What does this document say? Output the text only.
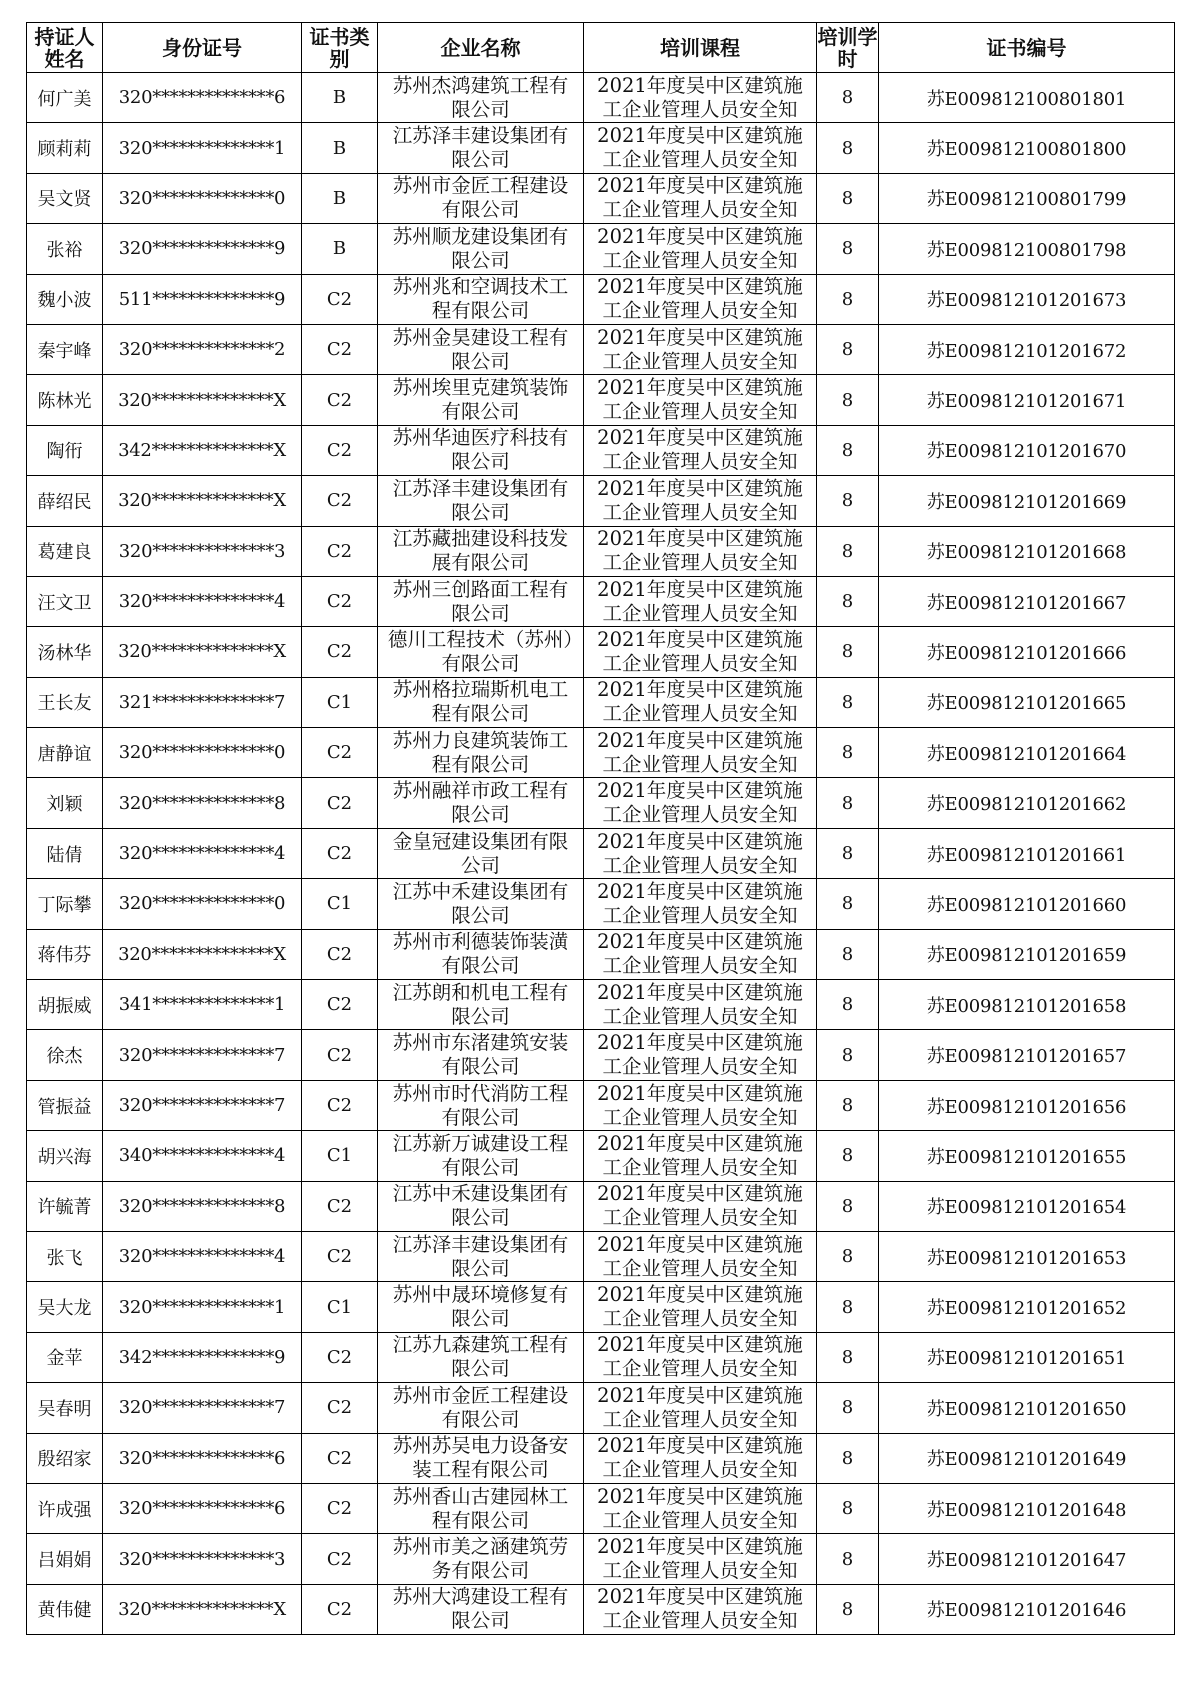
持证人姓名	身份证号	证书类别	企业名称	培训课程	培训学时	证书编号
何广美	320**************6	B	苏州杰鸿建筑工程有限公司	2021年度吴中区建筑施工企业管理人员安全知	8	苏E009812100801801
顾莉莉	320**************1	B	江苏泽丰建设集团有限公司	2021年度吴中区建筑施工企业管理人员安全知	8	苏E009812100801800
吴文贤	320**************0	B	苏州市金匠工程建设有限公司	2021年度吴中区建筑施工企业管理人员安全知	8	苏E009812100801799
张裕	320**************9	B	苏州顺龙建设集团有限公司	2021年度吴中区建筑施工企业管理人员安全知	8	苏E009812100801798
魏小波	511**************9	C2	苏州兆和空调技术工程有限公司	2021年度吴中区建筑施工企业管理人员安全知	8	苏E009812101201673
秦宇峰	320**************2	C2	苏州金昊建设工程有限公司	2021年度吴中区建筑施工企业管理人员安全知	8	苏E009812101201672
陈林光	320**************X	C2	苏州埃里克建筑装饰有限公司	2021年度吴中区建筑施工企业管理人员安全知	8	苏E009812101201671
陶衎	342**************X	C2	苏州华迪医疗科技有限公司	2021年度吴中区建筑施工企业管理人员安全知	8	苏E009812101201670
薛绍民	320**************X	C2	江苏泽丰建设集团有限公司	2021年度吴中区建筑施工企业管理人员安全知	8	苏E009812101201669
葛建良	320**************3	C2	江苏藏拙建设科技发展有限公司	2021年度吴中区建筑施工企业管理人员安全知	8	苏E009812101201668
汪文卫	320**************4	C2	苏州三创路面工程有限公司	2021年度吴中区建筑施工企业管理人员安全知	8	苏E009812101201667
汤林华	320**************X	C2	德川工程技术（苏州）有限公司	2021年度吴中区建筑施工企业管理人员安全知	8	苏E009812101201666
王长友	321**************7	C1	苏州格拉瑞斯机电工程有限公司	2021年度吴中区建筑施工企业管理人员安全知	8	苏E009812101201665
唐静谊	320**************0	C2	苏州力良建筑装饰工程有限公司	2021年度吴中区建筑施工企业管理人员安全知	8	苏E009812101201664
刘颖	320**************8	C2	苏州融祥市政工程有限公司	2021年度吴中区建筑施工企业管理人员安全知	8	苏E009812101201662
陆倩	320**************4	C2	金皇冠建设集团有限公司	2021年度吴中区建筑施工企业管理人员安全知	8	苏E009812101201661
丁际攀	320**************0	C1	江苏中禾建设集团有限公司	2021年度吴中区建筑施工企业管理人员安全知	8	苏E009812101201660
蒋伟芬	320**************X	C2	苏州市利德装饰装潢有限公司	2021年度吴中区建筑施工企业管理人员安全知	8	苏E009812101201659
胡振威	341**************1	C2	江苏朗和机电工程有限公司	2021年度吴中区建筑施工企业管理人员安全知	8	苏E009812101201658
徐杰	320**************7	C2	苏州市东渚建筑安装有限公司	2021年度吴中区建筑施工企业管理人员安全知	8	苏E009812101201657
管振益	320**************7	C2	苏州市时代消防工程有限公司	2021年度吴中区建筑施工企业管理人员安全知	8	苏E009812101201656
胡兴海	340**************4	C1	江苏新万诚建设工程有限公司	2021年度吴中区建筑施工企业管理人员安全知	8	苏E009812101201655
许毓菁	320**************8	C2	江苏中禾建设集团有限公司	2021年度吴中区建筑施工企业管理人员安全知	8	苏E009812101201654
张飞	320**************4	C2	江苏泽丰建设集团有限公司	2021年度吴中区建筑施工企业管理人员安全知	8	苏E009812101201653
吴大龙	320**************1	C1	苏州中晟环境修复有限公司	2021年度吴中区建筑施工企业管理人员安全知	8	苏E009812101201652
金苹	342**************9	C2	江苏九森建筑工程有限公司	2021年度吴中区建筑施工企业管理人员安全知	8	苏E009812101201651
吴春明	320**************7	C2	苏州市金匠工程建设有限公司	2021年度吴中区建筑施工企业管理人员安全知	8	苏E009812101201650
殷绍家	320**************6	C2	苏州苏吴电力设备安装工程有限公司	2021年度吴中区建筑施工企业管理人员安全知	8	苏E009812101201649
许成强	320**************6	C2	苏州香山古建园林工程有限公司	2021年度吴中区建筑施工企业管理人员安全知	8	苏E009812101201648
吕娟娟	320**************3	C2	苏州市美之涵建筑劳务有限公司	2021年度吴中区建筑施工企业管理人员安全知	8	苏E009812101201647
黄伟健	320**************X	C2	苏州大鸿建设工程有限公司	2021年度吴中区建筑施工企业管理人员安全知	8	苏E009812101201646
